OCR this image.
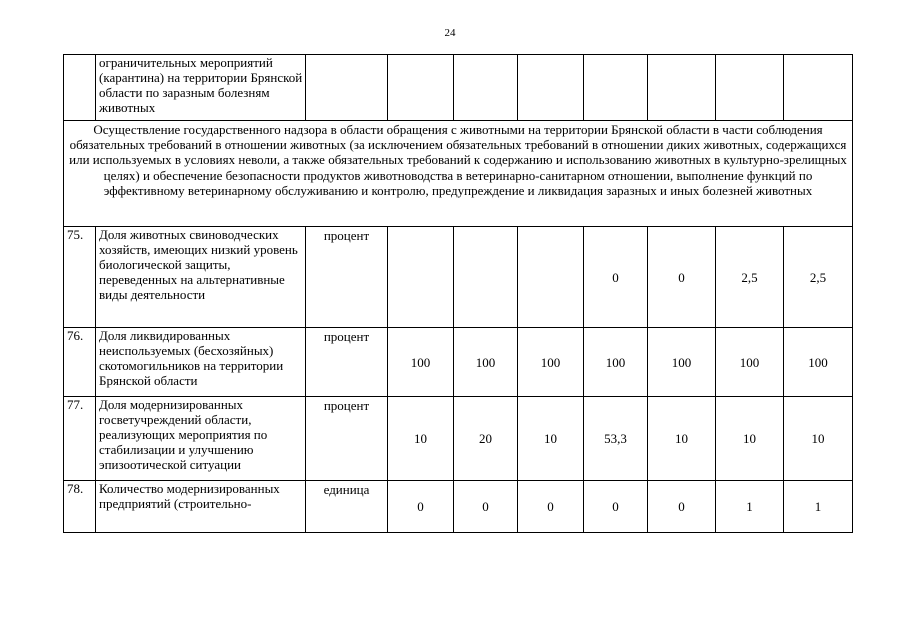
24
	ограничительных мероприятий (карантина) на территории Брянской области по заразным болезням животных								
Осуществление государственного надзора в области обращения с животными на территории Брянской области в части соблюдения обязательных требований в отношении животных (за исключением обязательных требований в отношении диких животных, содержащихся или используемых в условиях неволи, а также обязательных требований к содержанию и использованию животных в культурно-зрелищных целях) и обеспечение безопасности продуктов животноводства в ветеринарно-санитарном отношении, выполнение функций по эффективному ветеринарному обслуживанию и контролю, предупреждение и ликвидация заразных и иных болезней животных									
75.	Доля животных свиноводческих хозяйств, имеющих низкий уровень биологической защиты, переведенных на альтернативные виды деятельности	процент				0	0	2,5	2,5
76.	Доля ликвидированных неиспользуемых (бесхозяйных) скотомогильников на территории Брянской области	процент	100	100	100	100	100	100	100
77.	Доля модернизированных госветучреждений области, реализующих мероприятия по стабилизации и улучшению эпизоотической ситуации	процент	10	20	10	53,3	10	10	10
78.	Количество модернизированных предприятий (строительно-	единица	0	0	0	0	0	1	1
